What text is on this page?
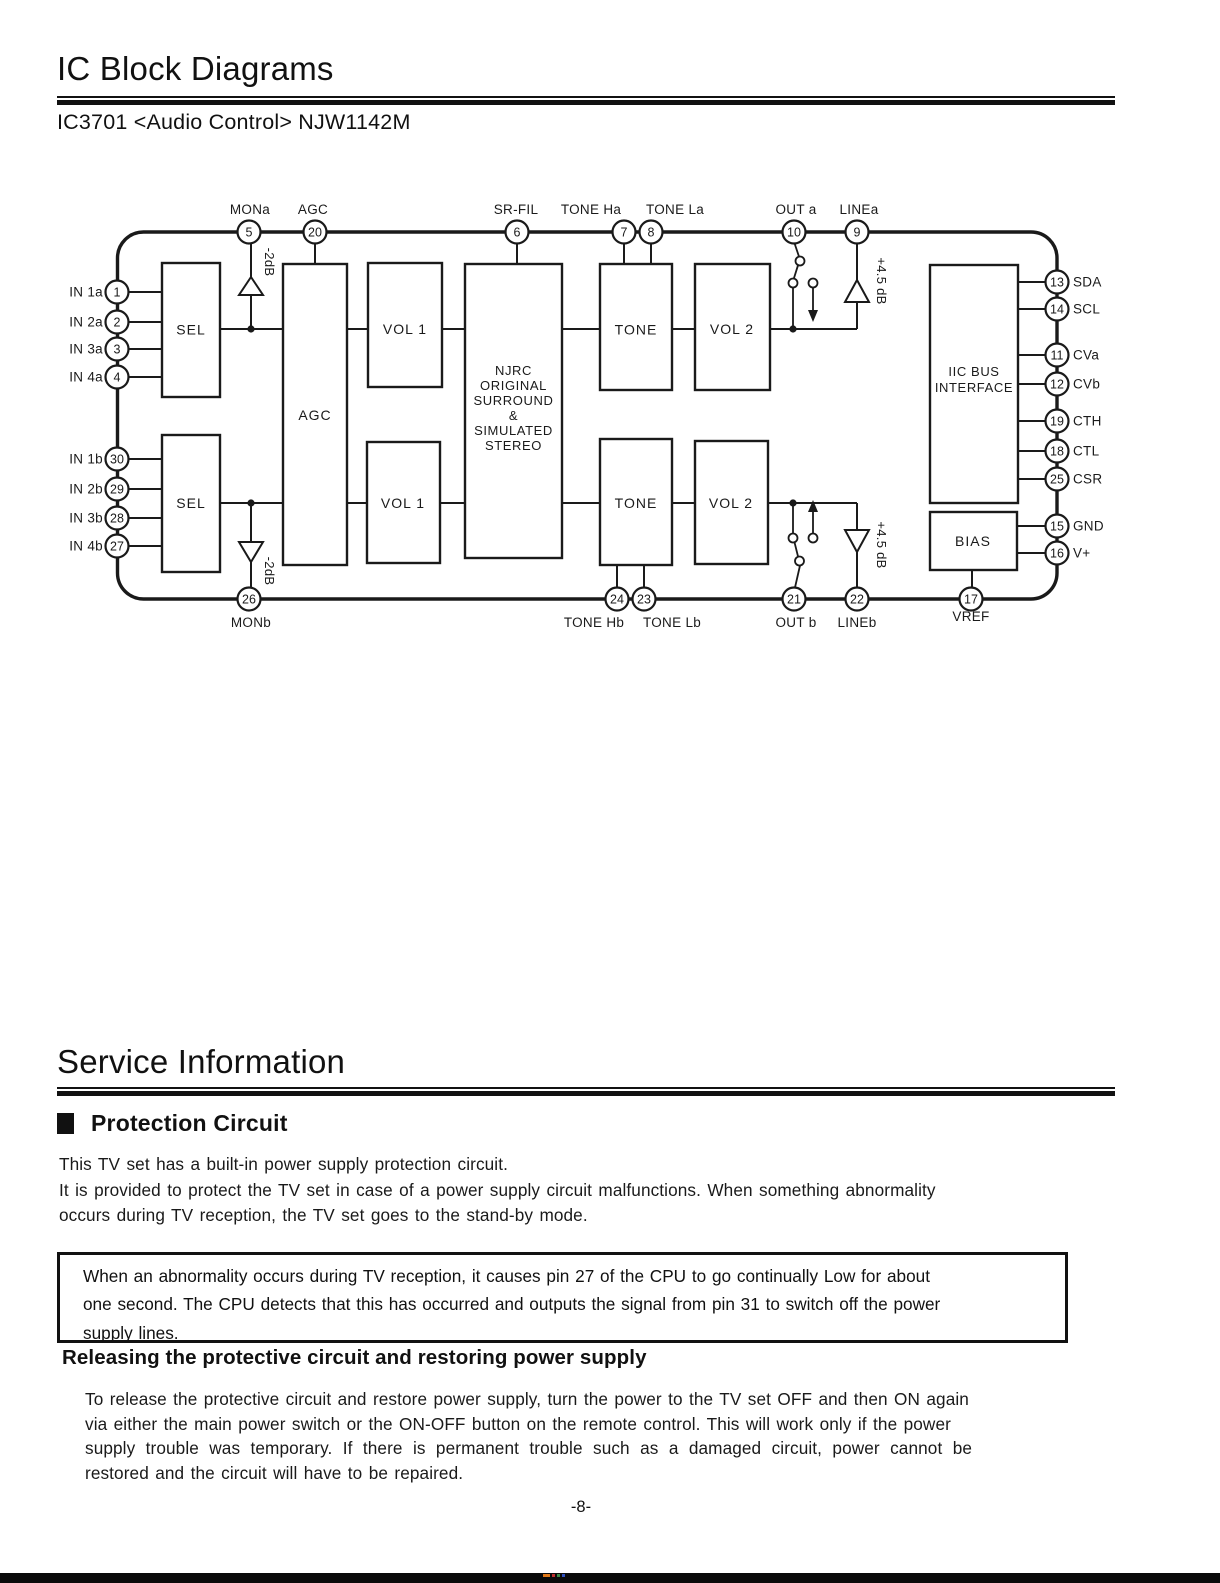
IC Block Diagrams
IC3701 <Audio Control> NJW1142M
SEL
SEL
AGC
VOL 1
VOL 1
TONE
TONE
VOL 2
VOL 2
NJRC
ORIGINAL
SURROUND
&
SIMULATED
STEREO
IIC BUS
INTERFACE
BIAS
-2dB
-2dB
+4.5 dB
+4.5 dB
5	20	6	7 8	10	9
26	24 23	21	22	17
1
2
3
4
30
29
28
27
13
14
11
12
19
18
25
15
16
MONa AGC	SR-FIL TONE Ha TONE La	OUT a LINEa
MONb	TONE Hb TONE Lb	OUT b LINEb	VREF
IN 1a
IN 2a
IN 3a
IN 4a
IN 1b
IN 2b
IN 3b
IN 4b
SDA
SCL
CVa
CVb
CTH
CTL
CSR
GND
V+
Service Information
Protection Circuit
This TV set has a built-in power supply protection circuit.
It is provided to protect the TV set in case of a power supply circuit malfunctions. When something abnormality
occurs during TV reception, the TV set goes to the stand-by mode.
When an abnormality occurs during TV reception, it causes pin 27 of the CPU to go continually Low for about
one second. The CPU detects that this has occurred and outputs the signal from pin 31 to switch off the power
supply lines.
Releasing the protective circuit and restoring power supply
To release the protective circuit and restore power supply, turn the power to the TV set OFF and then ON again
via either the main power switch or the ON-OFF button on the remote control. This will work only if the power
supply trouble was temporary. If there is permanent trouble such as a damaged circuit, power cannot be
restored and the circuit will have to be repaired.
-8-
